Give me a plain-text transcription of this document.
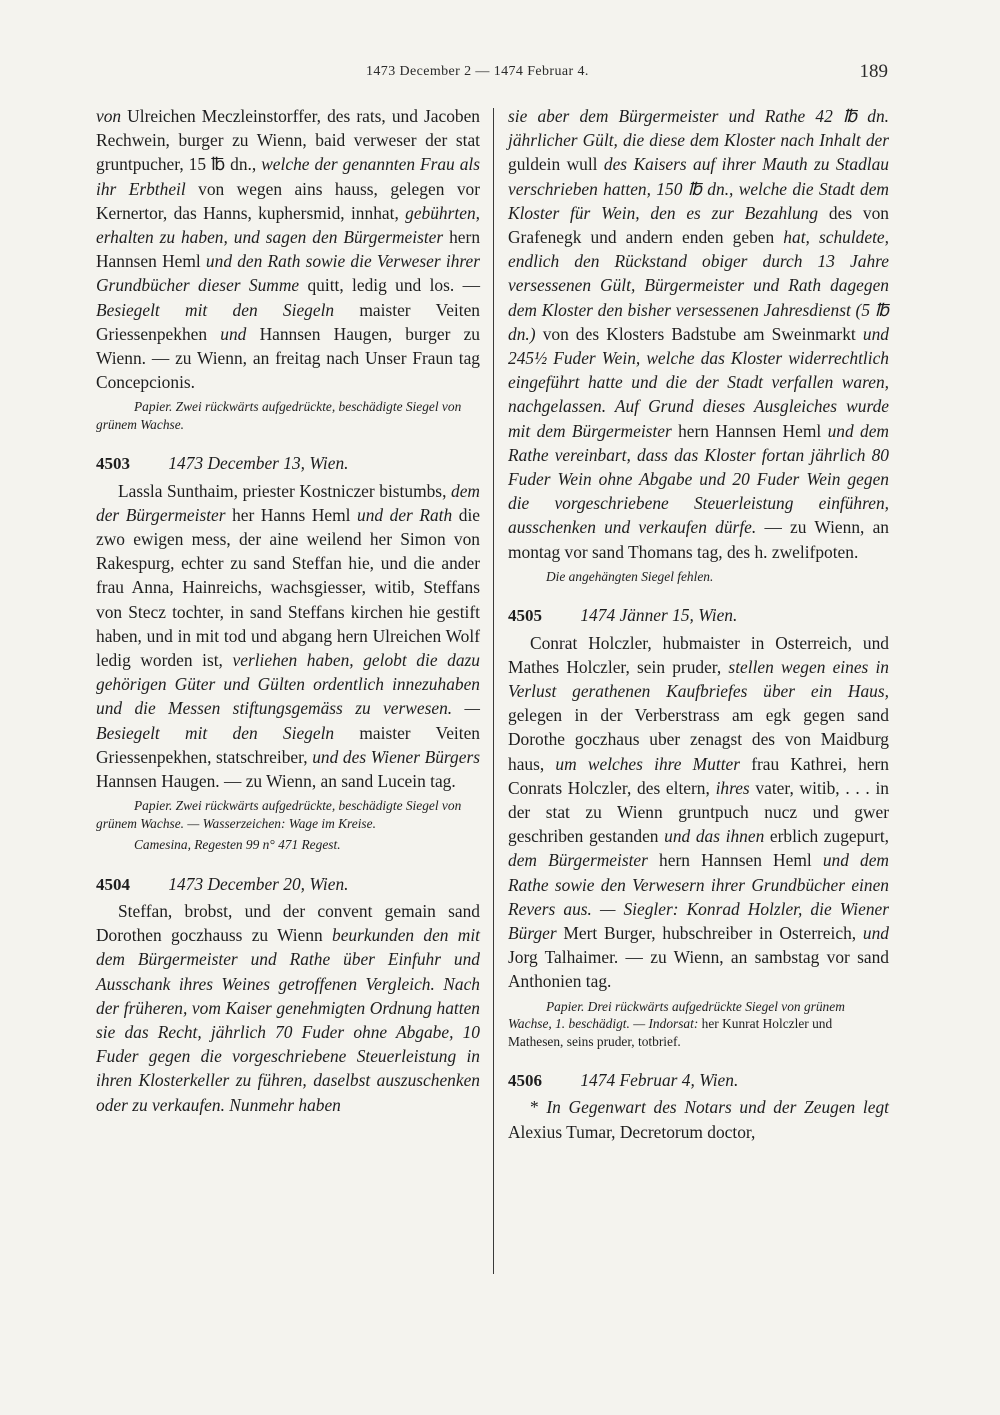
1473 December 2 — 1474 Februar 4.	189

von Ulreichen Meczleinstorffer, des rats, und Jacoben Rechwein, burger zu Wienn, baid verweser der stat gruntpucher, 15 ℔ dn., welche der genannten Frau als ihr Erbtheil von wegen ains hauss, gelegen vor Kernertor, das Hanns, kuphersmid, innhat, gebührten, erhalten zu haben, und sagen den Bürgermeister hern Hannsen Heml und den Rath sowie die Verweser ihrer Grundbücher dieser Summe quitt, ledig und los. — Besiegelt mit den Siegeln maister Veiten Griessenpekhen und Hannsen Haugen, burger zu Wienn. — zu Wienn, an freitag nach Unser Fraun tag Concepcionis.

Papier. Zwei rückwärts aufgedrückte, beschädigte Siegel von grünem Wachse.

4503 1473 December 13, Wien.

Lassla Sunthaim, priester Kostniczer bistumbs, dem der Bürgermeister her Hanns Heml und der Rath die zwo ewigen mess, der aine weilend her Simon von Rakespurg, echter zu sand Steffan hie, und die ander frau Anna, Hainreichs, wachsgiesser, witib, Steffans von Stecz tochter, in sand Steffans kirchen hie gestift haben, und in mit tod und abgang hern Ulreichen Wolf ledig worden ist, verliehen haben, gelobt die dazu gehörigen Güter und Gülten ordentlich innezuhaben und die Messen stiftungsgemäss zu verwesen. — Besiegelt mit den Siegeln maister Veiten Griessenpekhen, statschreiber, und des Wiener Bürgers Hannsen Haugen. — zu Wienn, an sand Lucein tag.

Papier. Zwei rückwärts aufgedrückte, beschädigte Siegel von grünem Wachse. — Wasserzeichen: Wage im Kreise.

Camesina, Regesten 99 n° 471 Regest.

4504 1473 December 20, Wien.

Steffan, brobst, und der convent gemain sand Dorothen goczhauss zu Wienn beurkunden den mit dem Bürgermeister und Rathe über Einfuhr und Ausschank ihres Weines getroffenen Vergleich. Nach der früheren, vom Kaiser genehmigten Ordnung hatten sie das Recht, jährlich 70 Fuder ohne Abgabe, 10 Fuder gegen die vorgeschriebene Steuerleistung in ihren Klosterkeller zu führen, daselbst auszuschenken oder zu verkaufen. Nunmehr haben

sie aber dem Bürgermeister und Rathe 42 ℔ dn. jährlicher Gült, die diese dem Kloster nach Inhalt der guldein wull des Kaisers auf ihrer Mauth zu Stadlau verschrieben hatten, 150 ℔ dn., welche die Stadt dem Kloster für Wein, den es zur Bezahlung des von Grafenegk und andern enden geben hat, schuldete, endlich den Rückstand obiger durch 13 Jahre versessenen Gült, Bürgermeister und Rath dagegen dem Kloster den bisher versessenen Jahresdienst (5 ℔ dn.) von des Klosters Badstube am Sweinmarkt und 245½ Fuder Wein, welche das Kloster widerrechtlich eingeführt hatte und die der Stadt verfallen waren, nachgelassen. Auf Grund dieses Ausgleiches wurde mit dem Bürgermeister hern Hannsen Heml und dem Rathe vereinbart, dass das Kloster fortan jährlich 80 Fuder Wein ohne Abgabe und 20 Fuder Wein gegen die vorgeschriebene Steuerleistung einführen, ausschenken und verkaufen dürfe. — zu Wienn, an montag vor sand Thomans tag, des h. zwelifpoten.

Die angehängten Siegel fehlen.

4505 1474 Jänner 15, Wien.

Conrat Holczler, hubmaister in Osterreich, und Mathes Holczler, sein pruder, stellen wegen eines in Verlust gerathenen Kaufbriefes über ein Haus, gelegen in der Verberstrass am egk gegen sand Dorothe goczhaus uber zenagst des von Maidburg haus, um welches ihre Mutter frau Kathrei, hern Conrats Holczler, des eltern, ihres vater, witib, . . . in der stat zu Wienn gruntpuch nucz und gwer geschriben gestanden und das ihnen erblich zugepurt, dem Bürgermeister hern Hannsen Heml und dem Rathe sowie den Verwesern ihrer Grundbücher einen Revers aus. — Siegler: Konrad Holzler, die Wiener Bürger Mert Burger, hubschreiber in Osterreich, und Jorg Talhaimer. — zu Wienn, an sambstag vor sand Anthonien tag.

Papier. Drei rückwärts aufgedrückte Siegel von grünem Wachse, 1. beschädigt. — Indorsat: her Kunrat Holczler und Mathesen, seins pruder, totbrief.

4506 1474 Februar 4, Wien.

* In Gegenwart des Notars und der Zeugen legt Alexius Tumar, Decretorum doctor,
